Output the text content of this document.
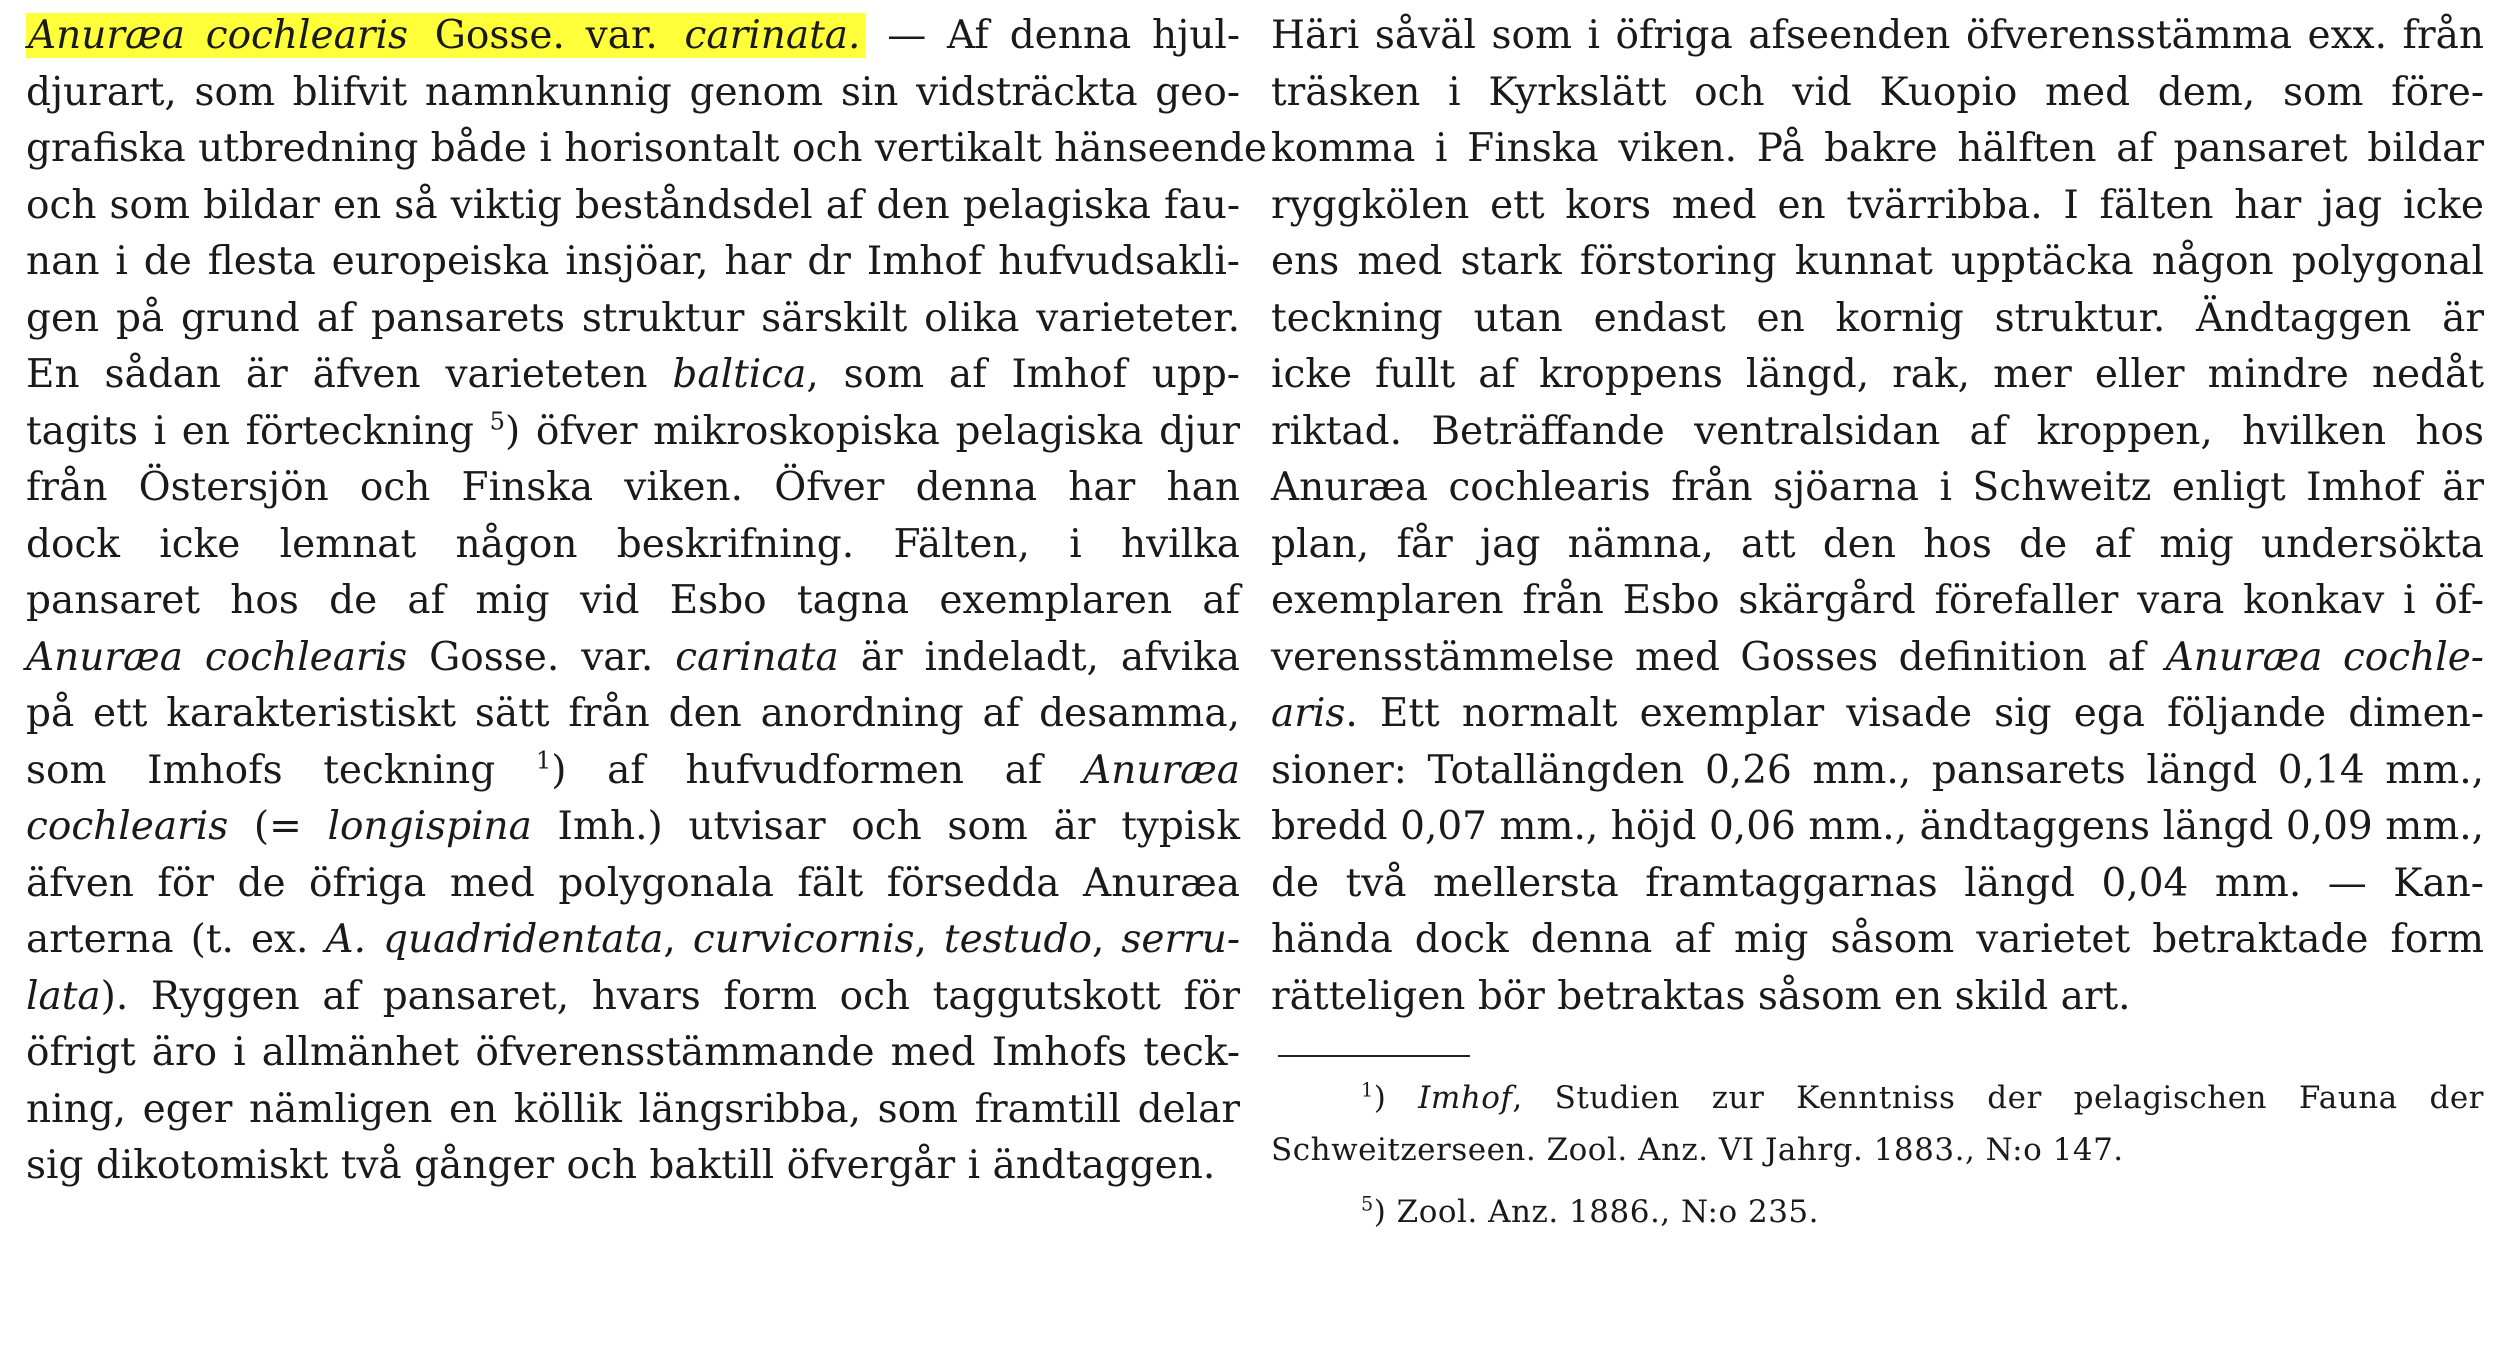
Anuræa cochlearis Gosse. var. carinata. — Af denna hjul-
djurart, som blifvit namnkunnig genom sin vidsträckta geo-
grafiska utbredning både i horisontalt och vertikalt hänseende
och som bildar en så viktig beståndsdel af den pelagiska fau-
nan i de flesta europeiska insjöar, har dr Imhof hufvudsakli-
gen på grund af pansarets struktur särskilt olika varieteter.
En sådan är äfven varieteten baltica, som af Imhof upp-
tagits i en förteckning $^5$) öfver mikroskopiska pelagiska djur
från Östersjön och Finska viken. Öfver denna har han
dock icke lemnat någon beskrifning. Fälten, i hvilka
pansaret hos de af mig vid Esbo tagna exemplaren af
Anuræa cochlearis Gosse. var. carinata är indeladt, afvika
på ett karakteristiskt sätt från den anordning af desamma,
som Imhofs teckning $^1$) af hufvudformen af Anuræa
cochlearis (= longispina Imh.) utvisar och som är typisk
äfven för de öfriga med polygonala fält försedda Anuræa
arterna (t. ex. A. quadridentata, curvicornis, testudo, serru-
lata). Ryggen af pansaret, hvars form och taggutskott för
öfrigt äro i allmänhet öfverensstämmande med Imhofs teck-
ning, eger nämligen en köllik längsribba, som framtill delar
sig dikotomiskt två gånger och baktill öfvergår i ändtaggen.
Häri såväl som i öfriga afseenden öfverensstämma exx. från
träsken i Kyrkslätt och vid Kuopio med dem, som före-
komma i Finska viken. På bakre hälften af pansaret bildar
ryggkölen ett kors med en tvärribba. I fälten har jag icke
ens med stark förstoring kunnat upptäcka någon polygonal
teckning utan endast en kornig struktur. Ändtaggen är
icke fullt af kroppens längd, rak, mer eller mindre nedåt
riktad. Beträffande ventralsidan af kroppen, hvilken hos
Anuræa cochlearis från sjöarna i Schweitz enligt Imhof är
plan, får jag nämna, att den hos de af mig undersökta
exemplaren från Esbo skärgård förefaller vara konkav i öf-
verensstämmelse med Gosses definition af Anuræa cochle-
aris. Ett normalt exemplar visade sig ega följande dimen-
sioner: Totallängden 0,26 mm., pansarets längd 0,14 mm.,
bredd 0,07 mm., höjd 0,06 mm., ändtaggens längd 0,09 mm.,
de två mellersta framtaggarnas längd 0,04 mm. — Kan-
hända dock denna af mig såsom varietet betraktade form
rätteligen bör betraktas såsom en skild art.
$^1$) Imhof, Studien zur Kenntniss der pelagischen Fauna der
Schweitzerseen. Zool. Anz. VI Jahrg. 1883., N:o 147.
$^5$) Zool. Anz. 1886., N:o 235.
